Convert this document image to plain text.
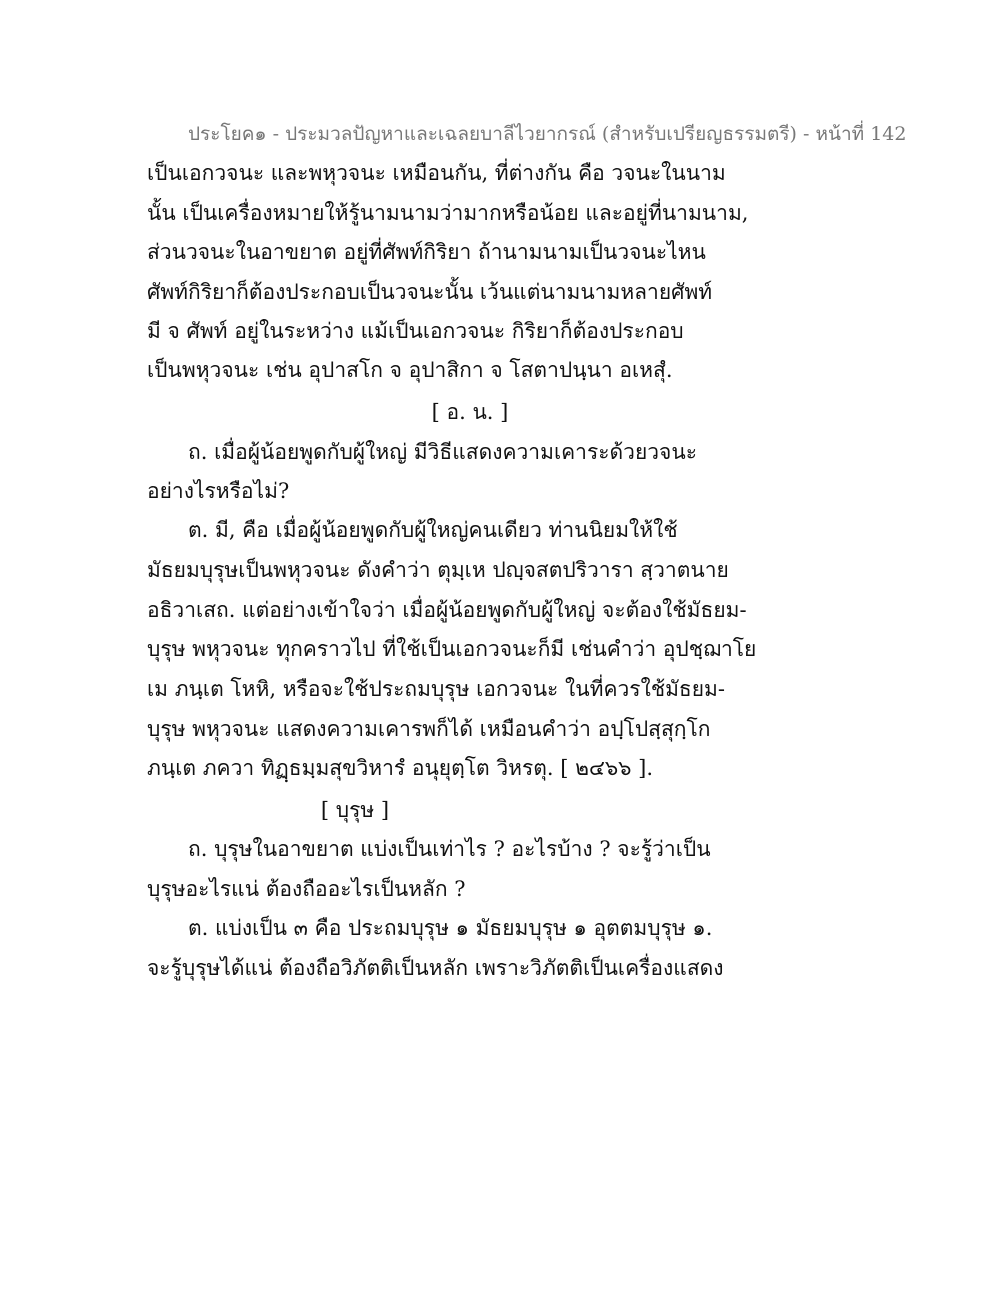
ประโยค๑ - ประมวลปัญหาและเฉลยบาลีไวยากรณ์ (สำหรับเปรียญธรรมตรี) - หน้าที่ 142
เป็นเอกวจนะ และพหุวจนะ เหมือนกัน, ที่ต่างกัน คือ วจนะในนาม
นั้น เป็นเครื่องหมายให้รู้นามนามว่ามากหรือน้อย และอยู่ที่นามนาม,
ส่วนวจนะในอาขยาต อยู่ที่ศัพท์กิริยา ถ้านามนามเป็นวจนะไหน
ศัพท์กิริยาก็ต้องประกอบเป็นวจนะนั้น เว้นแต่นามนามหลายศัพท์
มี จ ศัพท์ อยู่ในระหว่าง แม้เป็นเอกวจนะ กิริยาก็ต้องประกอบ
เป็นพหุวจนะ เช่น อุปาสโก จ อุปาสิกา จ โสตาปนฺนา อเหสุํ.
[ อ. น. ]
ถ. เมื่อผู้น้อยพูดกับผู้ใหญ่ มีวิธีแสดงความเคาระด้วยวจนะ
อย่างไรหรือไม่?
ต. มี, คือ เมื่อผู้น้อยพูดกับผู้ใหญ่คนเดียว ท่านนิยมให้ใช้
มัธยมบุรุษเป็นพหุวจนะ ดังคำว่า ตุมฺเห ปญฺจสตปริวารา สฺวาตนาย
อธิวาเสถ. แต่อย่างเข้าใจว่า เมื่อผู้น้อยพูดกับผู้ใหญ่ จะต้องใช้มัธยม-
บุรุษ พหุวจนะ ทุกคราวไป ที่ใช้เป็นเอกวจนะก็มี เช่นคำว่า อุปชฺฌาโย
เม ภนฺเต โหหิ, หรือจะใช้ประถมบุรุษ เอกวจนะ ในที่ควรใช้มัธยม-
บุรุษ พหุวจนะ แสดงความเคารพก็ได้ เหมือนคำว่า อปฺโปสฺสุกฺโก
ภนฺเต ภควา ทิฏฺธมฺมสุขวิหารํ อนุยุตฺโต วิหรตุ. [ ๒๔๖๖ ].
[ บุรุษ ]
ถ. บุรุษในอาขยาต แบ่งเป็นเท่าไร ? อะไรบ้าง ? จะรู้ว่าเป็น
บุรุษอะไรแน่ ต้องถืออะไรเป็นหลัก ?
ต. แบ่งเป็น ๓ คือ ประถมบุรุษ ๑ มัธยมบุรุษ ๑ อุตตมบุรุษ ๑.
จะรู้บุรุษได้แน่ ต้องถือวิภัตติเป็นหลัก เพราะวิภัตติเป็นเครื่องแสดง
